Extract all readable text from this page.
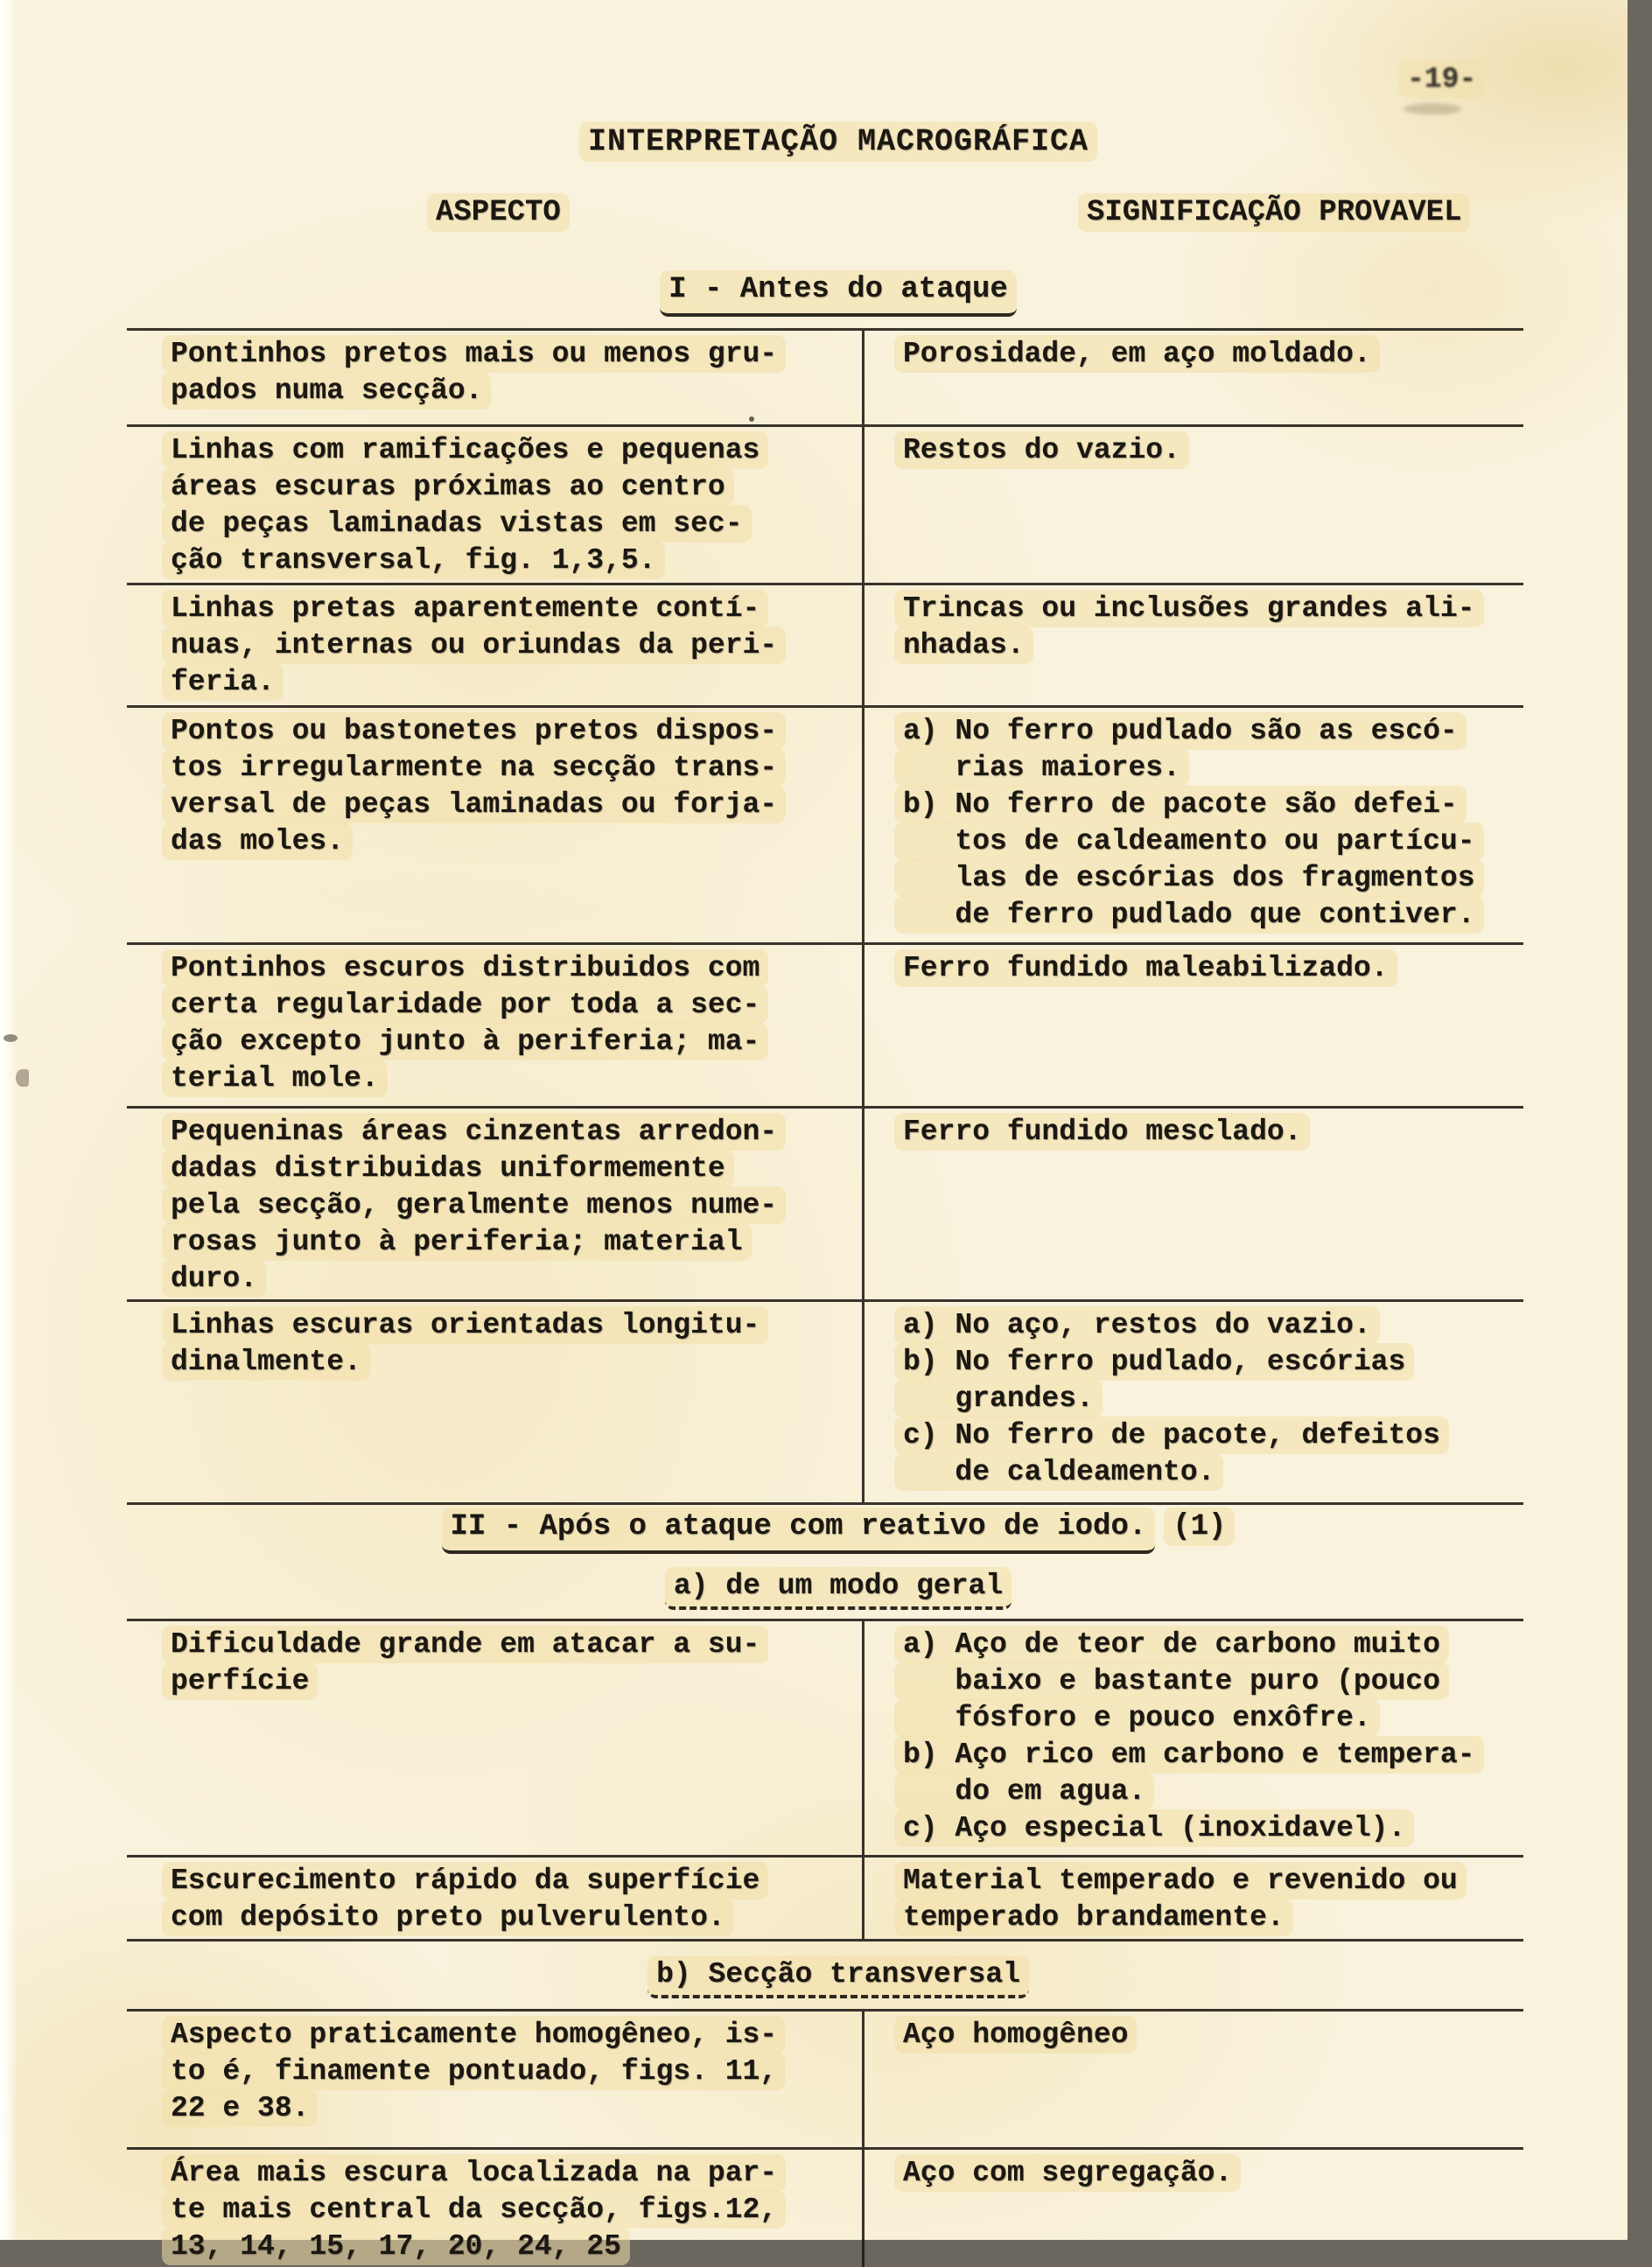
-19-
INTERPRETAÇÃO MACROGRÁFICA
ASPECTO	SIGNIFICAÇÃO PROVAVEL
I - Antes do ataque
Pontinhos pretos mais ou menos gru-
pados numa secção.
Porosidade, em aço moldado.
Linhas com ramificações e pequenas
áreas escuras próximas ao centro
de peças laminadas vistas em sec-
ção transversal, fig. 1,3,5.
Restos do vazio.
Linhas pretas aparentemente contí-
nuas, internas ou oriundas da peri-
feria.
Trincas ou inclusões grandes ali-
nhadas.
Pontos ou bastonetes pretos dispos-
tos irregularmente na secção trans-
versal de peças laminadas ou forja-
das moles.
a) No ferro pudlado são as escó-
rias maiores.
b) No ferro de pacote são defei-
tos de caldeamento ou partícu-
las de escórias dos fragmentos
de ferro pudlado que contiver.
Pontinhos escuros distribuidos com
certa regularidade por toda a sec-
ção excepto junto à periferia; ma-
terial mole.
Ferro fundido maleabilizado.
Pequeninas áreas cinzentas arredon-
dadas distribuidas uniformemente
pela secção, geralmente menos nume-
rosas junto à periferia; material
duro.
Ferro fundido mesclado.
Linhas escuras orientadas longitu-
dinalmente.
a) No aço, restos do vazio.
b) No ferro pudlado, escórias
grandes.
c) No ferro de pacote, defeitos
de caldeamento.
II - Após o ataque com reativo de iodo. (1)
a) de um modo geral
Dificuldade grande em atacar a su-
perfície
a) Aço de teor de carbono muito
baixo e bastante puro (pouco
fósforo e pouco enxôfre.
b) Aço rico em carbono e tempera-
do em agua.
c) Aço especial (inoxidavel).
Escurecimento rápido da superfície
com depósito preto pulverulento.
Material temperado e revenido ou
temperado brandamente.
b) Secção transversal
Aspecto praticamente homogêneo, is-
to é, finamente pontuado, figs. 11,
22 e 38.
Aço homogêneo
Área mais escura localizada na par-
te mais central da secção, figs.12,
13, 14, 15, 17, 20, 24, 25
Aço com segregação.
